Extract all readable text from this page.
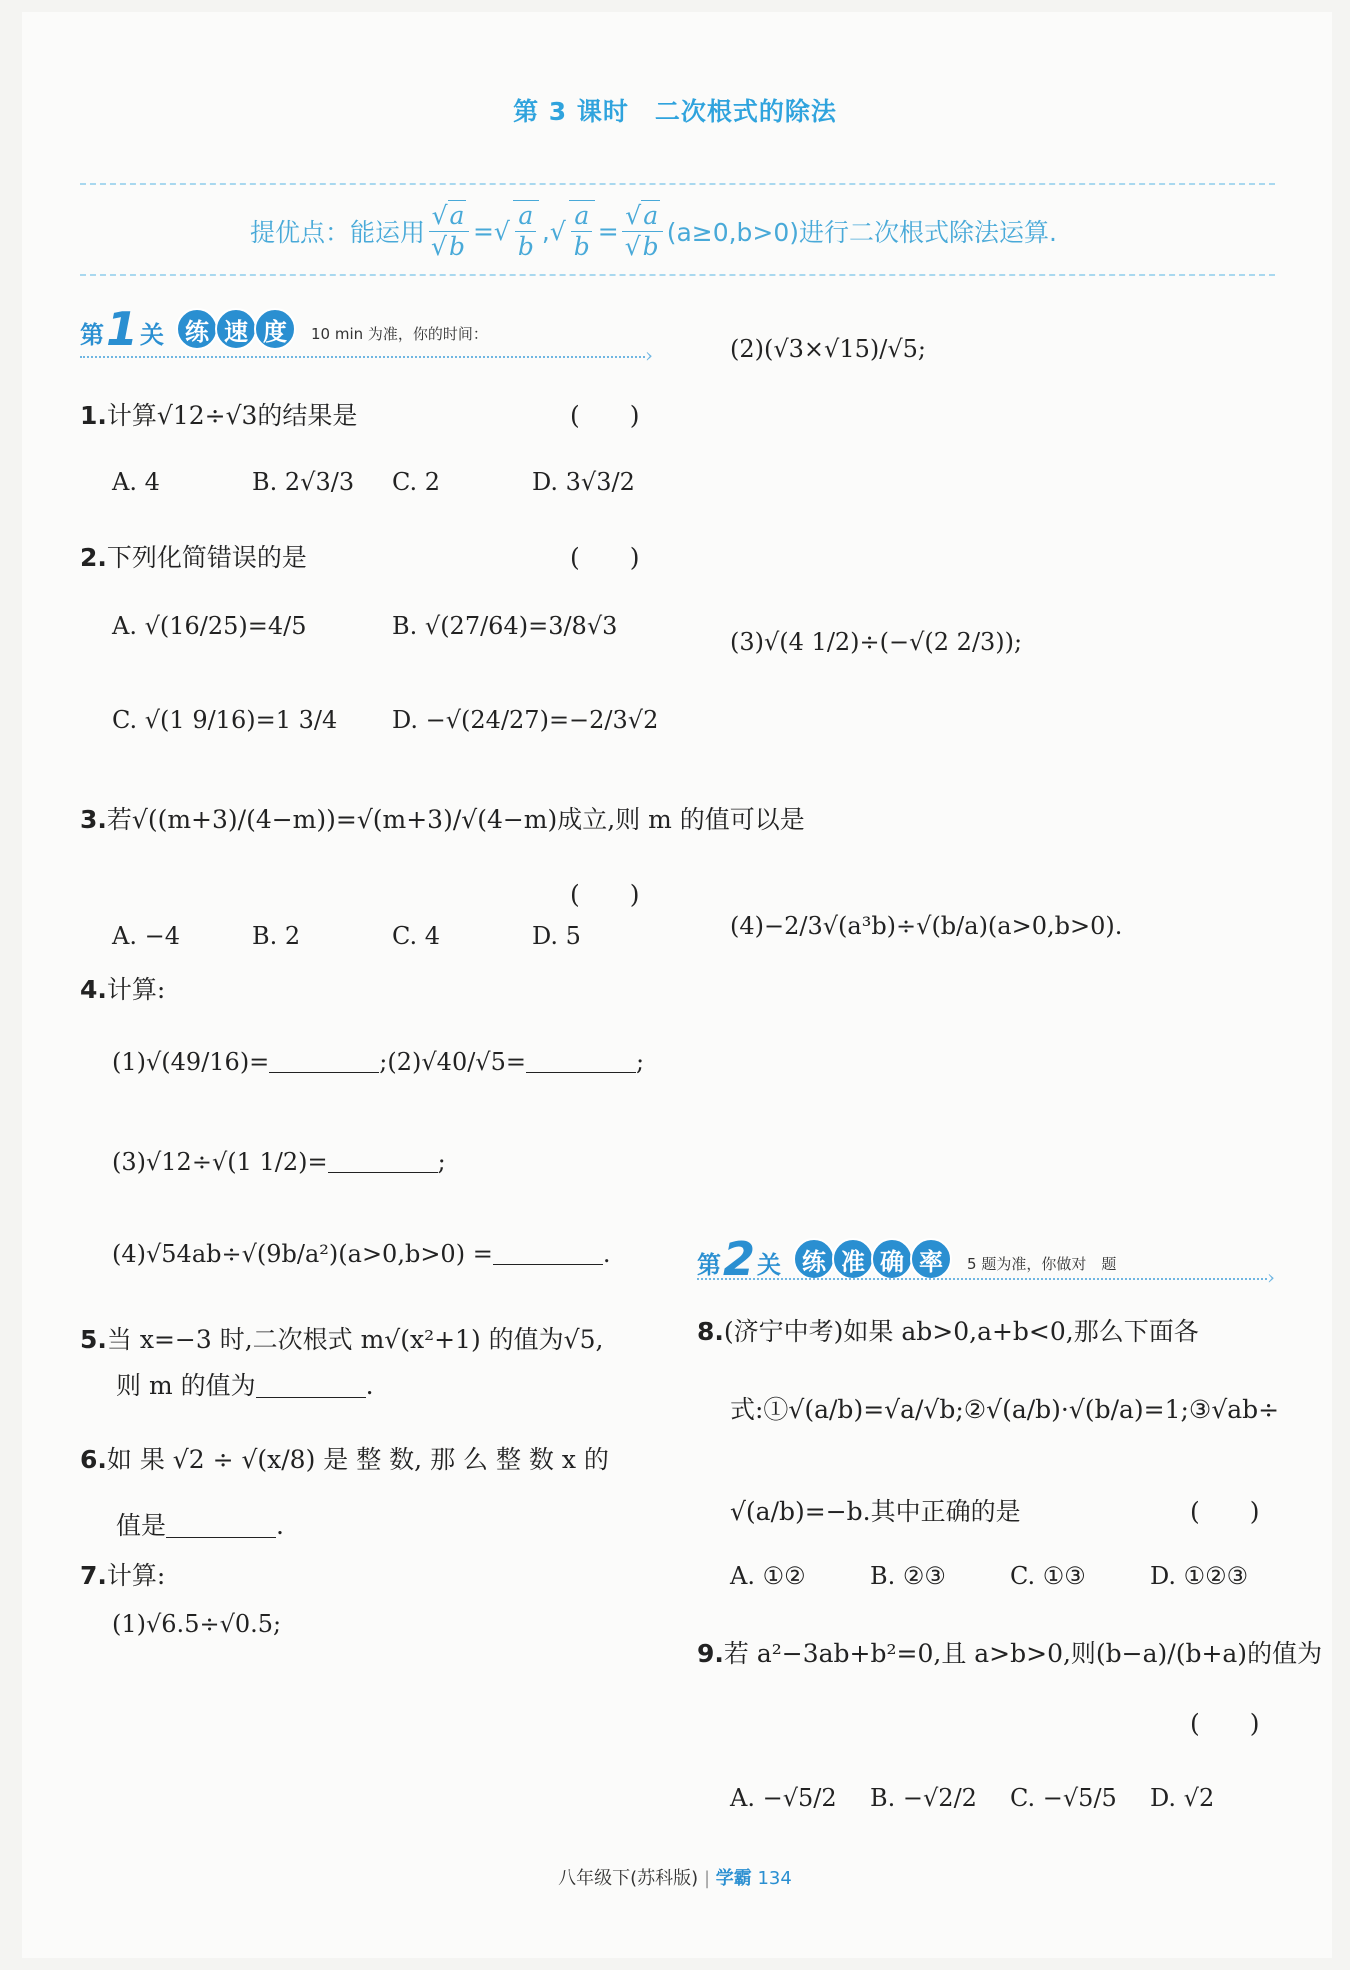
第 3 课时　二次根式的除法
提优点：能运用 $\frac{√a}{√b}$ = √
a
b
, √ $\frac{a}{b} = \frac{√a}{√b} (a\ge 0,b>0)$进行二次根式除法运算.
第 1 关 练 速 度	10 min 为准，你的时间：
›
1.计算√12÷√3的结果是	(　　)
A. 4	B. 2√3/3 C. 2	D. 3√3/2
2.下列化简错误的是	(　　)
A. √(16/25)=4/5	B. √(27/64)=3/8√3
C. √(1 9/16)=1 3/4 D. −√(24/27)=−2/3√2
3.若√((m+3)/(4−m))=√(m+3)/√(4−m)成立,则 m 的值可以是
(　　)
A. −4	B. 2	C. 4	D. 5
4.计算:
(1)√(49/16)=	;(2)√40/√5=	;
(3)√12÷√(1 1/2)=	;
(4)√54ab÷√(9b/a²)(a>0,b>0) =	.
5.当 x=−3 时,二次根式 m√(x²+1) 的值为√5,
则 m 的值为	.
6.如 果 √2 ÷ √(x/8) 是 整 数, 那 么 整 数 x 的
值是	.
7.计算:
(1)√6.5÷√0.5;
(2)(√3×√15)/√5;
(3)√(4 1/2)÷(−√(2 2/3));
(4)−2/3√(a³b)÷√(b/a)(a>0,b>0).
第 2 关 练 准 确 率	5 题为准，你做对　题
›
8.(济宁中考)如果 ab>0,a+b<0,那么下面各
式:①√(a/b)=√a/√b;②√(a/b)·√(b/a)=1;③√ab÷
√(a/b)=−b.其中正确的是	(　　)
A. ①②	B. ②③	C. ①③	D. ①②③
9.若 a²−3ab+b²=0,且 a>b>0,则(b−a)/(b+a)的值为
(　　)
A. −√5/2 B. −√2/2 C. −√5/5 D. √2
八年级下(苏科版) | 学霸 134
